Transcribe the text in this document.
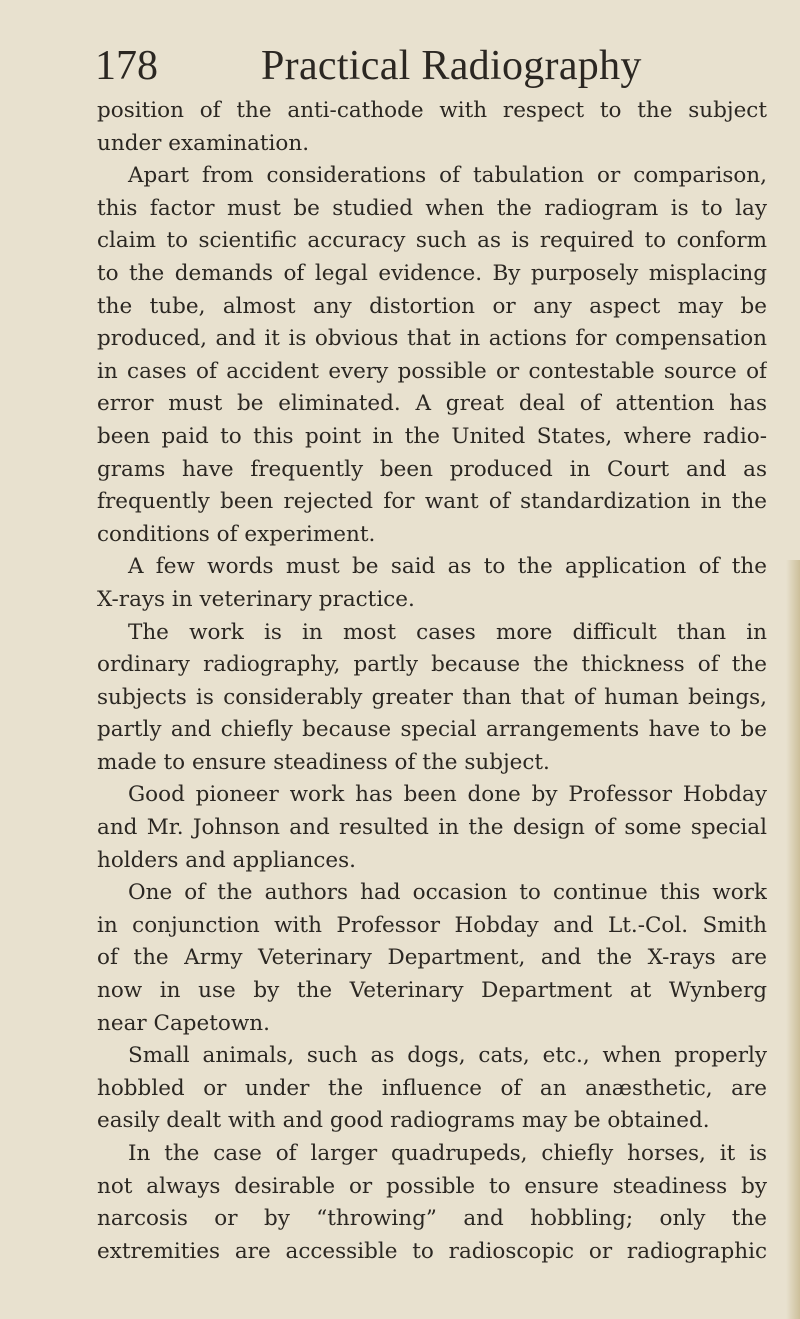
178 Practical Radiography
position of the anti-cathode with respect to the subject
under examination.
Apart from considerations of tabulation or comparison,
this factor must be studied when the radiogram is to lay
claim to scientific accuracy such as is required to conform
to the demands of legal evidence. By purposely misplacing
the tube, almost any distortion or any aspect may be
produced, and it is obvious that in actions for compensation
in cases of accident every possible or contestable source of
error must be eliminated. A great deal of attention has
been paid to this point in the United States, where radio-
grams have frequently been produced in Court and as
frequently been rejected for want of standardization in the
conditions of experiment.
A few words must be said as to the application of the
X-rays in veterinary practice.
The work is in most cases more difficult than in
ordinary radiography, partly because the thickness of the
subjects is considerably greater than that of human beings,
partly and chiefly because special arrangements have to be
made to ensure steadiness of the subject.
Good pioneer work has been done by Professor Hobday
and Mr. Johnson and resulted in the design of some special
holders and appliances.
One of the authors had occasion to continue this work
in conjunction with Professor Hobday and Lt.-Col. Smith
of the Army Veterinary Department, and the X-rays are
now in use by the Veterinary Department at Wynberg
near Capetown.
Small animals, such as dogs, cats, etc., when properly
hobbled or under the influence of an anæsthetic, are
easily dealt with and good radiograms may be obtained.
In the case of larger quadrupeds, chiefly horses, it is
not always desirable or possible to ensure steadiness by
narcosis or by “throwing” and hobbling; only the
extremities are accessible to radioscopic or radiographic
